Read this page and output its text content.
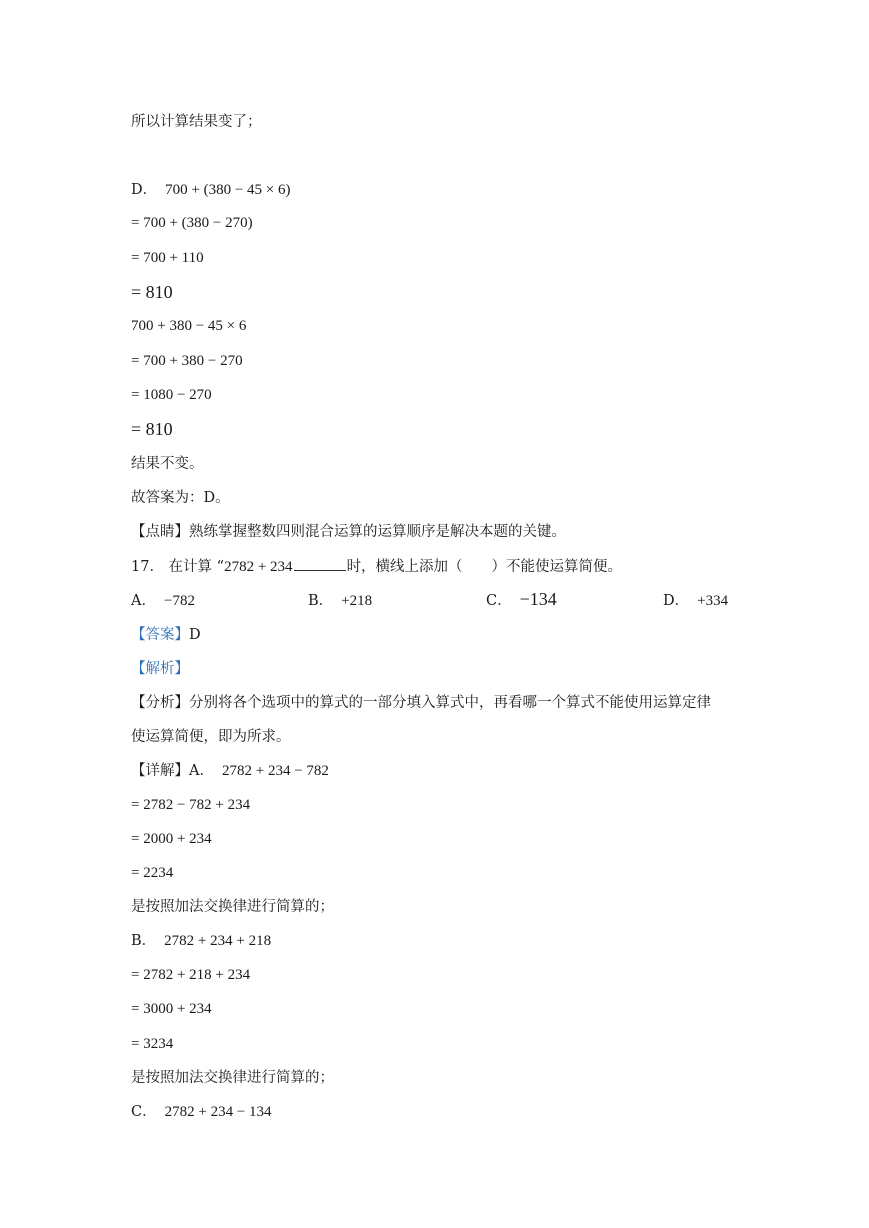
所以计算结果变了；
D． 700 + (380 − 45 × 6)
= 700 + (380 − 270)
= 700 + 110
= 810
700 + 380 − 45 × 6
= 700 + 380 − 270
= 1080 − 270
= 810
结果不变。
故答案为：D。
【点睛】熟练掌握整数四则混合运算的运算顺序是解决本题的关键。
17． 在计算 “2782 + 234	时，横线上添加（　　）不能使运算简便。
A． −782	B． +218	C． −134	D． +334
【答案】D
【解析】
【分析】分别将各个选项中的算式的一部分填入算式中，再看哪一个算式不能使用运算定律
使运算简便，即为所求。
【详解】A． 2782 + 234 − 782
= 2782 − 782 + 234
= 2000 + 234
= 2234
是按照加法交换律进行简算的；
B． 2782 + 234 + 218
= 2782 + 218 + 234
= 3000 + 234
= 3234
是按照加法交换律进行简算的；
C． 2782 + 234 − 134
